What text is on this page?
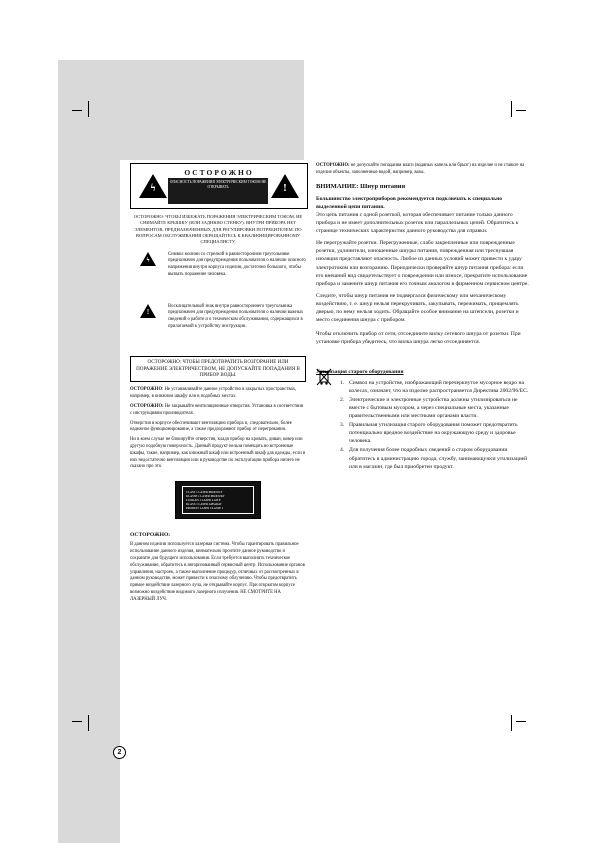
ϟ
ОСТОРОЖНО
ОПАСНОСТЬ ПОРАЖЕНИЯ ЭЛЕКТРИЧЕСКИМ ТОКОМ НЕ ОТКРЫВАТЬ	!
ОСТОРОЖНО: ЧТОБЫ ИЗБЕЖАТЬ ПОРАЖЕНИЯ ЭЛЕКТРИЧЕСКИМ ТОКОМ, НЕ СНИМАЙТЕ КРЫШКУ (ИЛИ ЗАДНЮЮ СТЕНКУ). ВНУТРИ ПРИБОРА НЕТ ЭЛЕМЕНТОВ, ПРЕДНАЗНАЧЕННЫХ ДЛЯ РЕГУЛИРОВКИ ПОТРЕБИТЕЛЕМ. ПО ВОПРОСАМ ОБСЛУЖИВАНИЯ ОБРАЩАЙТЕСЬ К КВАЛИФИЦИРОВАННОМУ СПЕЦИАЛИСТУ.
ϟ
Символ молнии со стрелкой в равностороннем треугольнике предназначен для предупреждения пользователя о наличии опасного напряжения внутри корпуса изделия, достаточно большого, чтобы вызвать поражение человека.
!
Восклицательный знак внутри равностороннего треугольника предназначен для предупреждения пользователя о наличии важных сведений о работе и о техническом обслуживании, содержащихся в прилагаемой к устройству инструкции.
ОСТОРОЖНО: ЧТОБЫ ПРЕДОТВРАТИТЬ ВОЗГОРАНИЕ ИЛИ ПОРАЖЕНИЕ ЭЛЕКТРИЧЕСТВОМ, НЕ ДОПУСКАЙТЕ ПОПАДАНИЯ В ПРИБОР ВОДЫ.
ОСТОРОЖНО: Не устанавливайте данное устройство в закрытых пространствах, например, в книжном шкафу или в подобных местах.
ОСТОРОЖНО: Не закрывайте вентиляционные отверстия. Установка в соответствии с инструкциями производителя.
Отверстия в корпусе обеспечивают вентиляцию прибора и, следовательно, более надежное функционирование, а также предохраняют прибор от перегревания.
Ни в коем случае не блокируйте отверстия, кладя прибор на кровать, диван, ковер или другую подобную поверхность. Данный продукт нельзя помещать во встроенные шкафы, такие, например, как книжный шкаф или встроенный шкаф для одежды, если в них недостаточно вентиляции или в руководстве по эксплуатации прибора ничего не сказано про это.
CLASS 1 LASER PRODUCT
KLASSE 1 LASER PRODUKT
LUOKAN 1 LASER LAITE
KLASS 1 LASER APPARAT
PRODUIT LASER CLASSE 1
ОСТОРОЖНО:
В данном изделии используется лазерная система. Чтобы гарантировать правильное использование данного изделия, внимательно прочтите данное руководство и сохраните для будущего использования. Если требуется выполнить техническое обслуживание, обратитесь в авторизованный сервисный центр. Использование органов управления, настроек, а также выполнение процедур, отличных от рассмотренных в данном руководстве, может привести к опасному облучению. Чтобы предотвратить прямое воздействие лазерного луча, не открывайте корпус. При открытом корпусе возможно воздействие видимого лазерного излучения. НЕ СМОТРИТЕ НА ЛАЗЕРНЫЙ ЛУЧ.
ОСТОРОЖНО: не допускайте попадания влаги (водяных капель или брызг) на изделие и не ставьте на изделие объекты, заполненные водой, например, вазы.
ВНИМАНИЕ: Шнур питания
Большинство электроприборов рекомендуется подключать к специально выделенной цепи питания.
Это цепь питания с одной розеткой, которая обеспечивает питание только данного прибора и не имеет дополнительных розеток или параллельных цепей. Обратитесь к странице технических характеристик данного руководства для справки.
Не перегружайте розетки. Перегруженные, слабо закрепленные или поврежденные розетки, удлинители, изношенные шнуры питания, поврежденная или треснувшая изоляция представляют опасность. Любое из данных условий может привести к удару электротоком или возгоранию. Периодически проверяйте шнур питания прибора: если его внешний вид свидетельствует о повреждении или износе, прекратите использование прибора и замените шнур питания его точным аналогом в фирменном сервисном центре.
Следите, чтобы шнур питания не подвергался физическому или механическому воздействию, т. е. шнур нельзя перекручивать, закупывать, пережимать, прищемлять дверью, по нему нельзя ходить. Обращайте особое внимание на штепсели, розетки и место соединения шнура с прибором.
Чтобы отключить прибор от сети, отсоедините вилку сетевого шнура от розетки. При установке прибора убедитесь, что вилка шнура легко отсоединяется.
Утилизация старого оборудования
1. Символ на устройстве, изображающий перечеркнутое мусорное ведро на колесах, означает, что на изделие распространяется Директива 2002/96/ЕС.
2. Электрические и электронные устройства должны утилизироваться не вместе с бытовым мусором, а через специальные места, указанные правительственными или местными органами власти.
3. Правильная утилизация старого оборудования поможет предотвратить потенциально вредное воздействие на окружающую среду и здоровье человека.
4. Для получения более подробных сведений о старом оборудовании обратитесь в администрацию города, службу, занимающуюся утилизацией или в магазин, где был приобретен продукт.
2
